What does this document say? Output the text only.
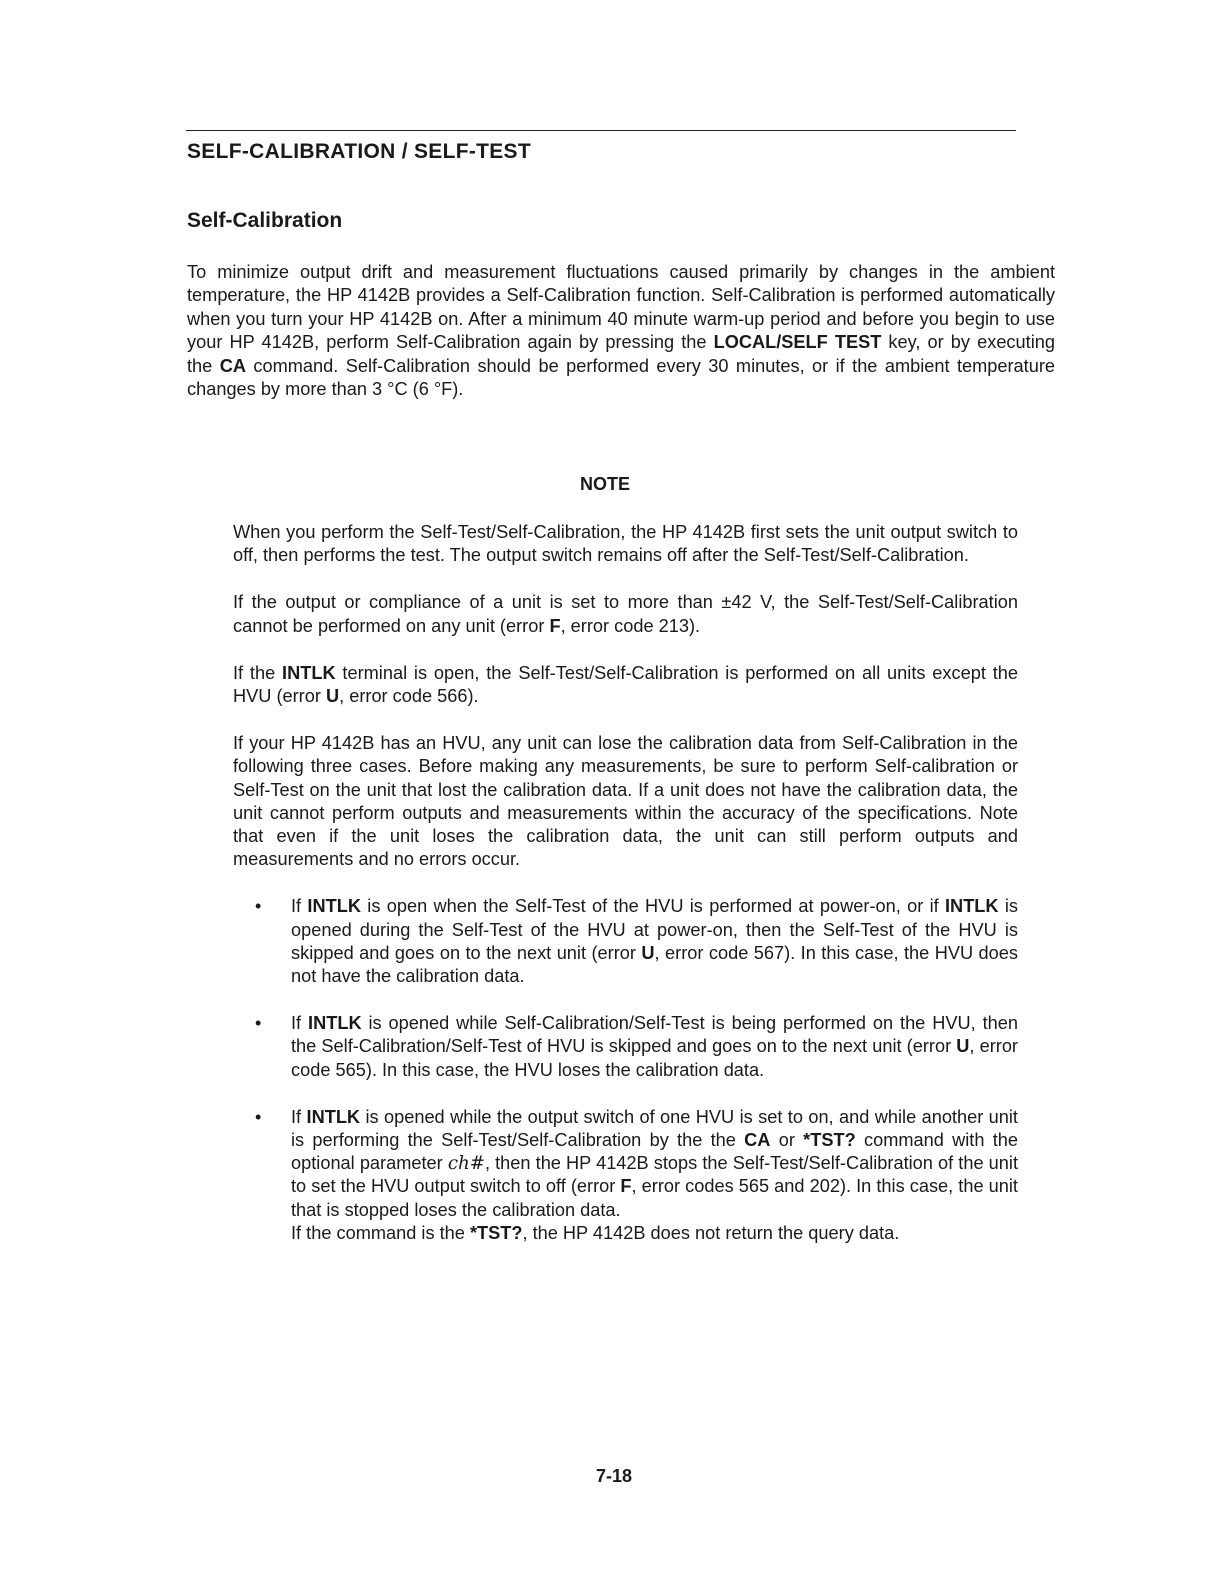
SELF-CALIBRATION / SELF-TEST
Self-Calibration

To minimize output drift and measurement fluctuations caused primarily by changes in the ambient temperature, the HP 4142B provides a Self-Calibration function. Self-Calibration is performed automatically when you turn your HP 4142B on. After a minimum 40 minute warm-up period and before you begin to use your HP 4142B, perform Self-Calibration again by pressing the LOCAL/SELF TEST key, or by executing the CA command. Self-Calibration should be performed every 30 minutes, or if the ambient temperature changes by more than 3 °C (6 °F).

NOTE

When you perform the Self-Test/Self-Calibration, the HP 4142B first sets the unit output switch to off, then performs the test. The output switch remains off after the Self-Test/Self-Calibration.

If the output or compliance of a unit is set to more than ±42 V, the Self-Test/Self-Calibration cannot be performed on any unit (error F, error code 213).

If the INTLK terminal is open, the Self-Test/Self-Calibration is performed on all units except the HVU (error U, error code 566).

If your HP 4142B has an HVU, any unit can lose the calibration data from Self-Calibration in the following three cases. Before making any measurements, be sure to perform Self-calibration or Self-Test on the unit that lost the calibration data. If a unit does not have the calibration data, the unit cannot perform outputs and measurements within the accuracy of the specifications. Note that even if the unit loses the calibration data, the unit can still perform outputs and measurements and no errors occur.

• If INTLK is open when the Self-Test of the HVU is performed at power-on, or if INTLK is opened during the Self-Test of the HVU at power-on, then the Self-Test of the HVU is skipped and goes on to the next unit (error U, error code 567). In this case, the HVU does not have the calibration data.
• If INTLK is opened while Self-Calibration/Self-Test is being performed on the HVU, then the Self-Calibration/Self-Test of HVU is skipped and goes on to the next unit (error U, error code 565). In this case, the HVU loses the calibration data.
• If INTLK is opened while the output switch of one HVU is set to on, and while another unit is performing the Self-Test/Self-Calibration by the the CA or *TST? command with the optional parameter ch#, then the HP 4142B stops the Self-Test/Self-Calibration of the unit to set the HVU output switch to off (error F, error codes 565 and 202). In this case, the unit that is stopped loses the calibration data.
If the command is the *TST?, the HP 4142B does not return the query data.
7-18
